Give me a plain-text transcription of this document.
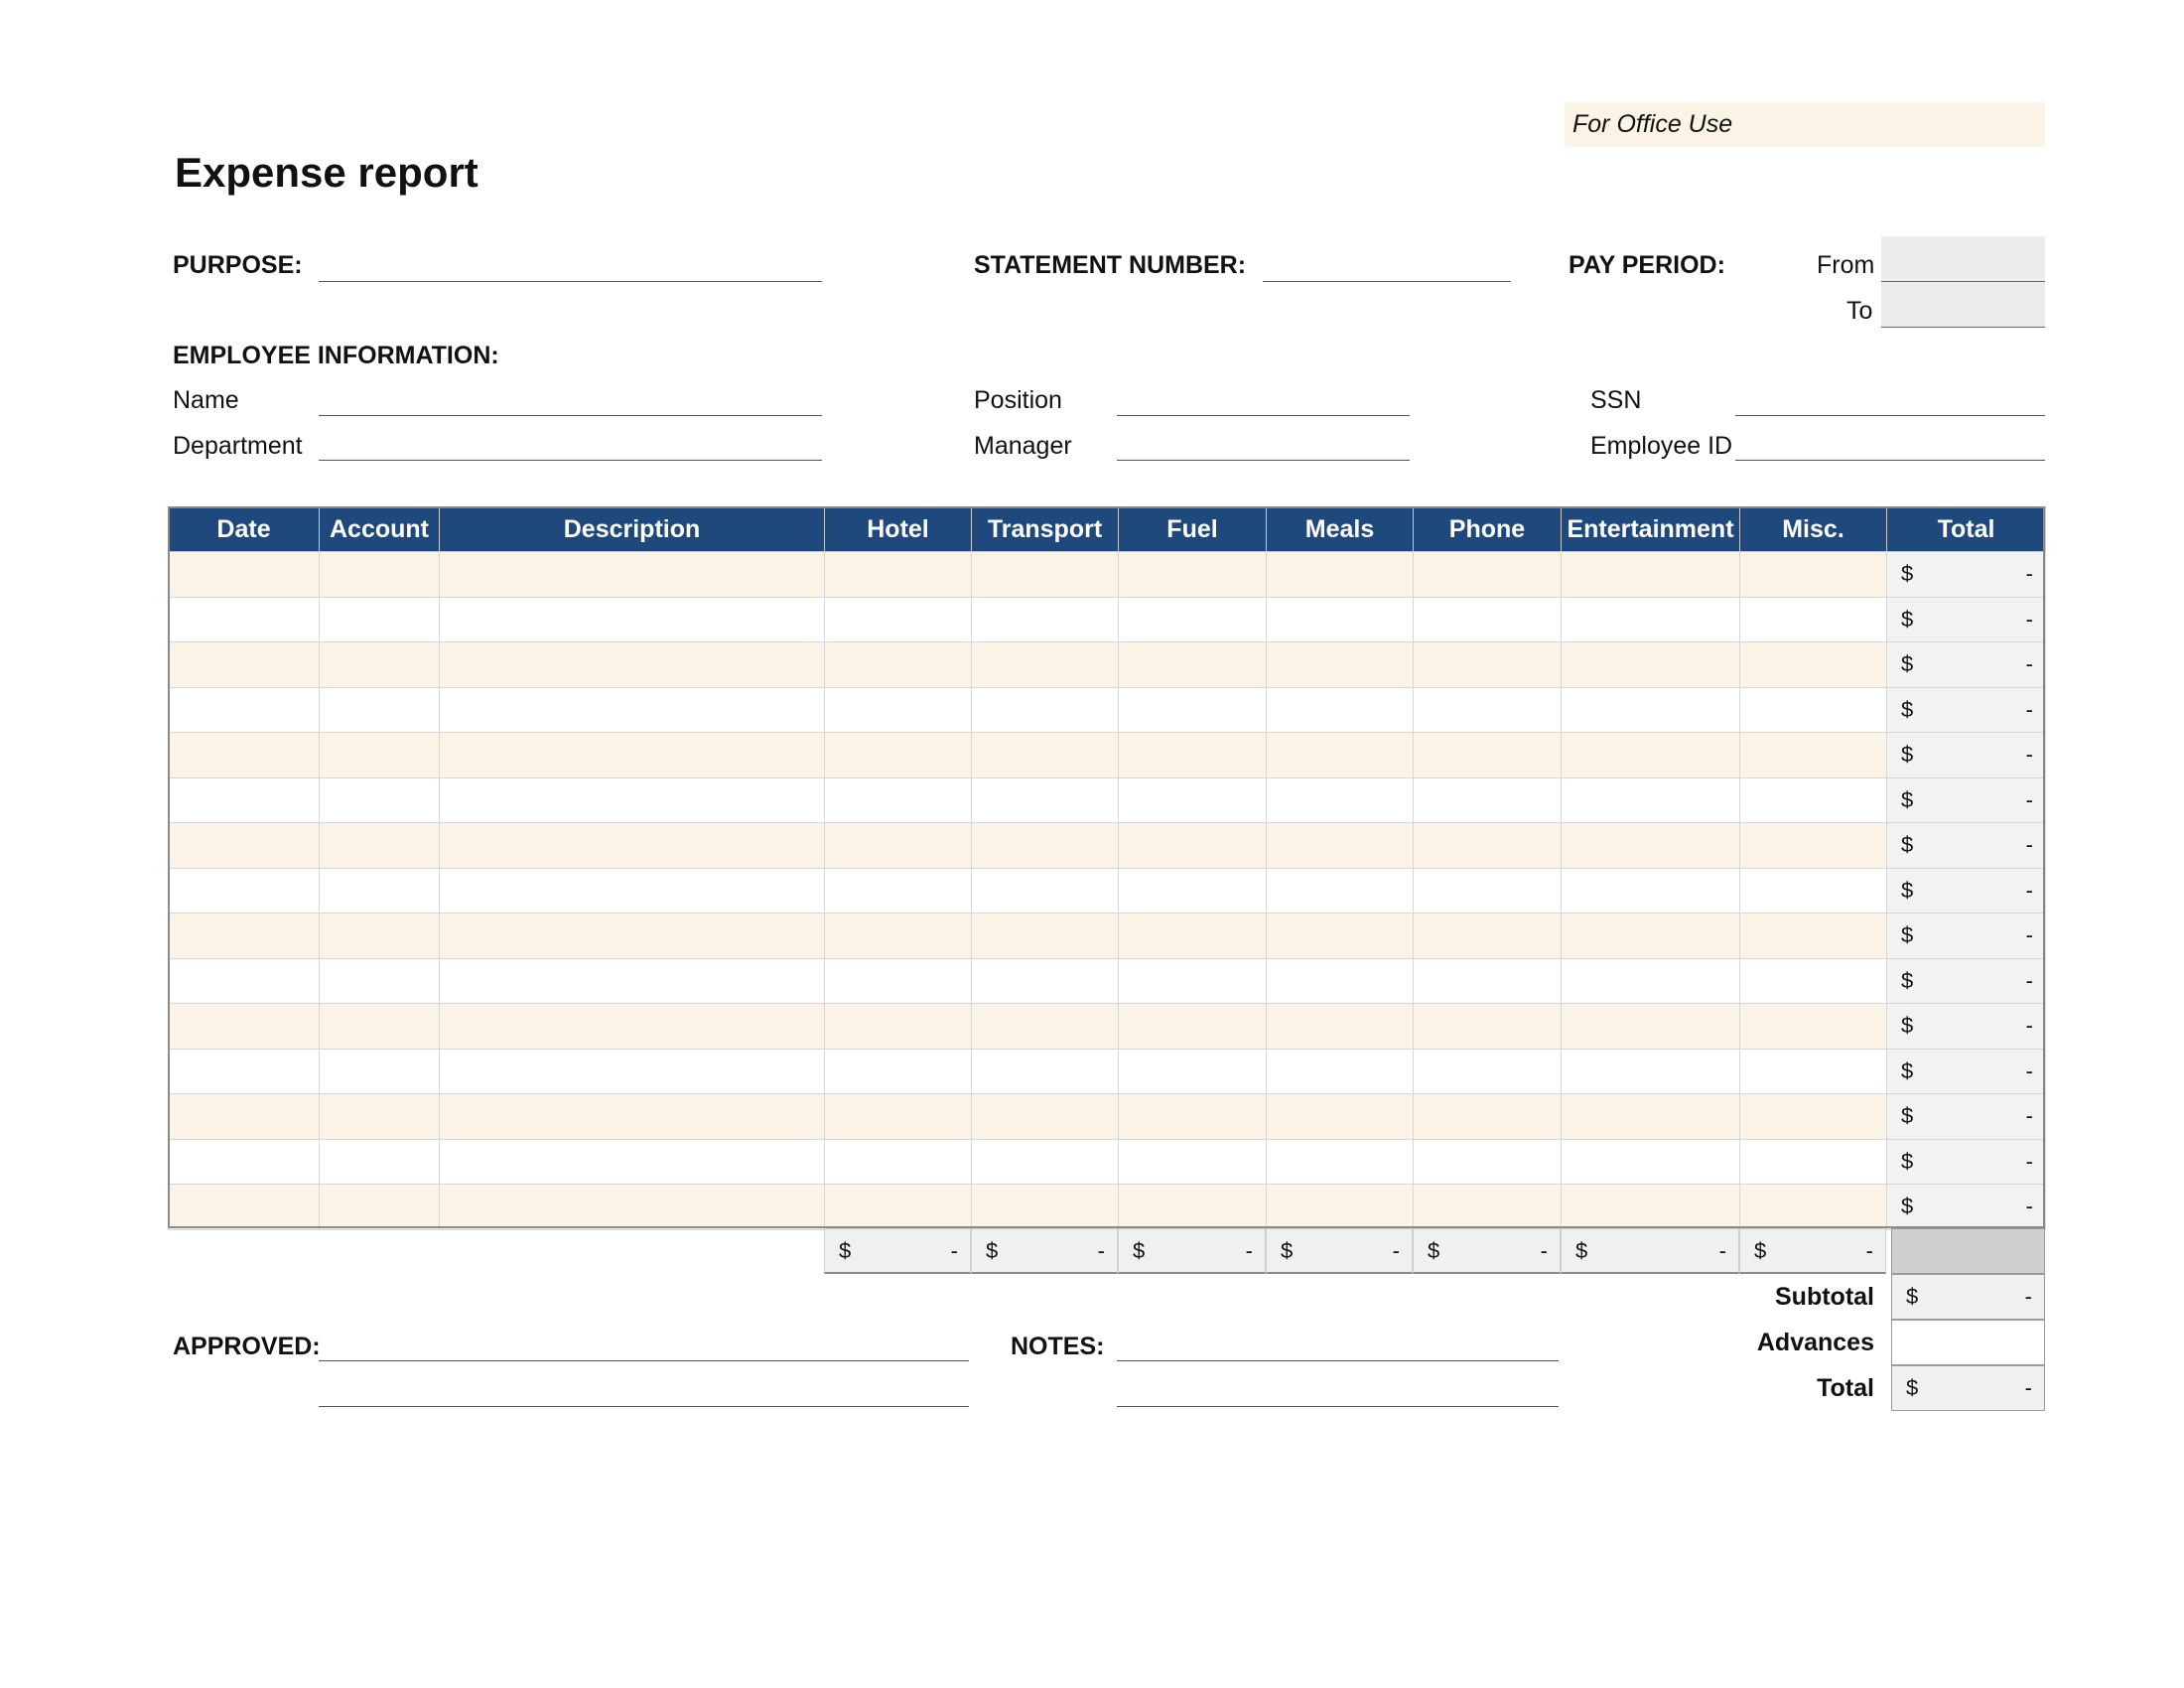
For Office Use
Expense report
PURPOSE:	STATEMENT NUMBER:	PAY PERIOD:	From
To
EMPLOYEE INFORMATION:
Name
Department
Position
Manager
SSN
Employee ID
Date	Account	Description	Hotel	Transport	Fuel	Meals	Phone	Entertainment	Misc.	Total

										$ -

										$ -

										$ -

										$ -

										$ -

										$ -

										$ -

										$ -

										$ -

										$ -

										$ -

										$ -

										$ -

										$ -

										$ -
$	- $	- $	- $	- $	- $	- $	-
Subtotal $	-
Advances
Total $	-
APPROVED:	NOTES:
